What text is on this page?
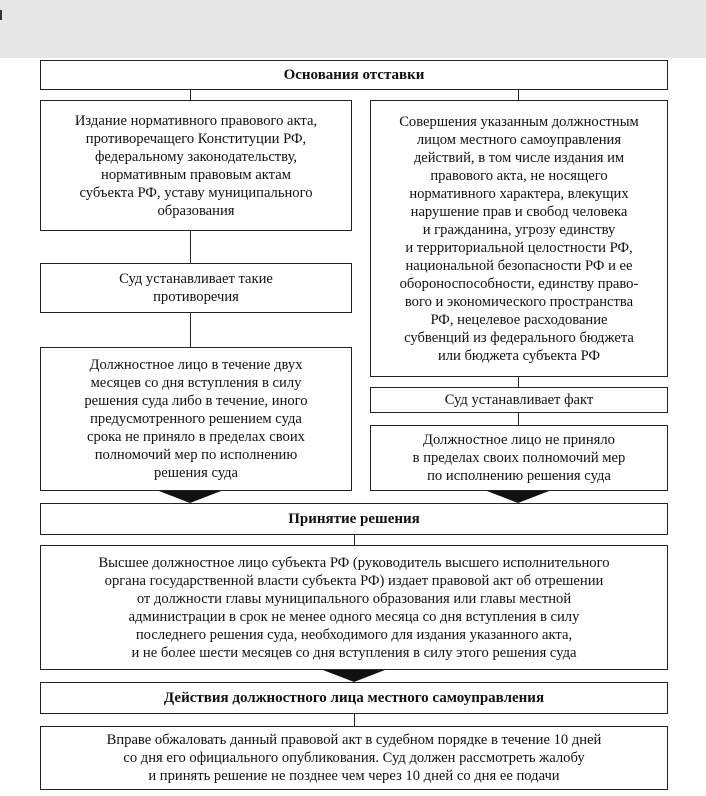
Основания отставки
Издание нормативного правового акта,
противоречащего Конституции РФ,
федеральному законодательству,
нормативным правовым актам
субъекта РФ, уставу муниципального
образования
Суд устанавливает такие
противоречия
Должностное лицо в течение двух
месяцев со дня вступления в силу
решения суда либо в течение, иного
предусмотренного решением суда
срока не приняло в пределах своих
полномочий мер по исполнению
решения суда
Совершения указанным должностным
лицом местного самоуправления
действий, в том числе издания им
правового акта, не носящего
нормативного характера, влекущих
нарушение прав и свобод человека
и гражданина, угрозу единству
и территориальной целостности РФ,
национальной безопасности РФ и ее
обороноспособности, единству право-
вого и экономического пространства
РФ, нецелевое расходование
субвенций из федерального бюджета
или бюджета субъекта РФ
Суд устанавливает факт
Должностное лицо не приняло
в пределах своих полномочий мер
по исполнению решения суда
Принятие решения
Высшее должностное лицо субъекта РФ (руководитель высшего исполнительного
органа государственной власти субъекта РФ) издает правовой акт об отрешении
от должности главы муниципального образования или главы местной
администрации в срок не менее одного месяца со дня вступления в силу
последнего решения суда, необходимого для издания указанного акта,
и не более шести месяцев со дня вступления в силу этого решения суда
Действия должностного лица местного самоуправления
Вправе обжаловать данный правовой акт в судебном порядке в течение 10 дней
со дня его официального опубликования. Суд должен рассмотреть жалобу
и принять решение не позднее чем через 10 дней со дня ее подачи
